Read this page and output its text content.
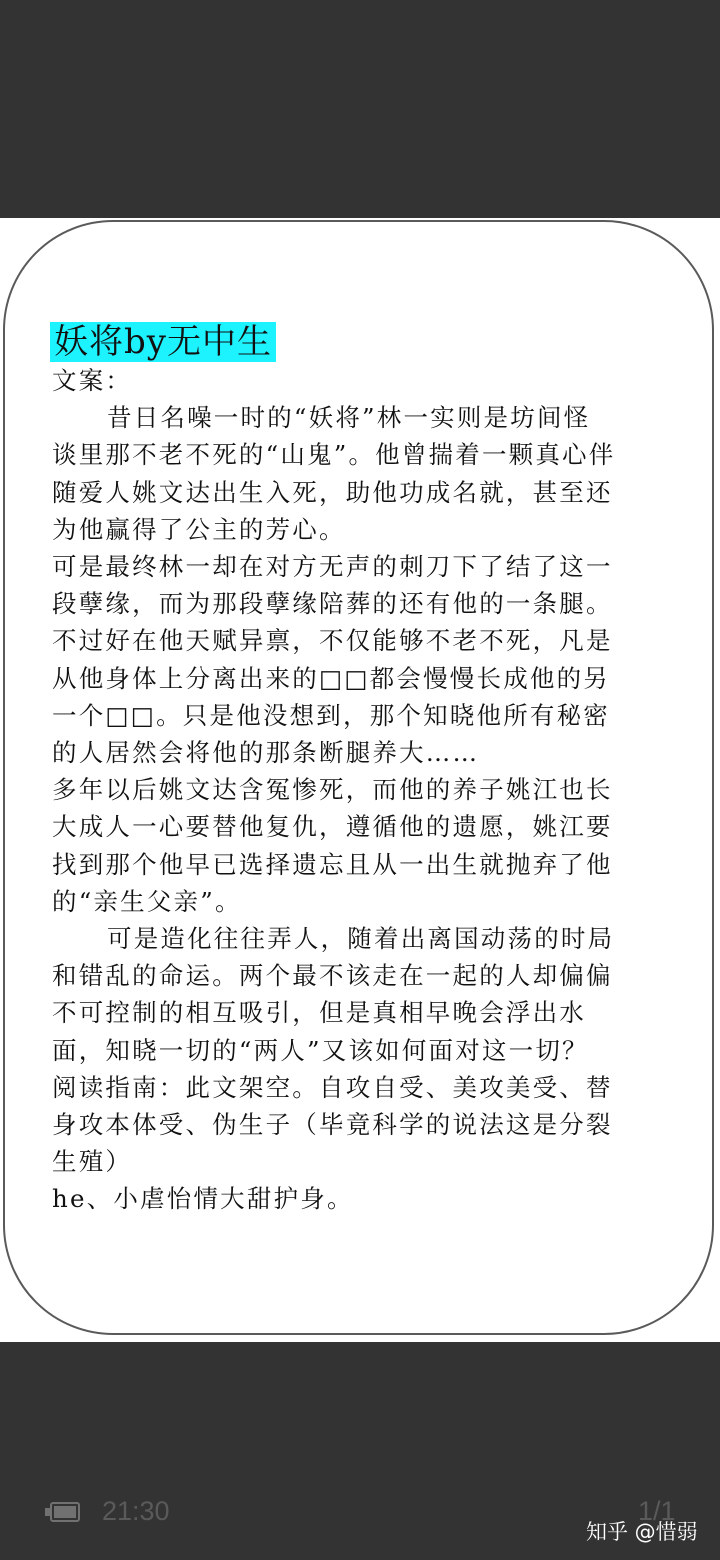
妖将by无中生
文案：
昔日名噪一时的“妖将”林一实则是坊间怪
谈里那不老不死的“山鬼”。他曾揣着一颗真心伴
随爱人姚文达出生入死，助他功成名就，甚至还
为他赢得了公主的芳心。
可是最终林一却在对方无声的刺刀下了结了这一
段孽缘，而为那段孽缘陪葬的还有他的一条腿。
不过好在他天赋异禀，不仅能够不老不死，凡是
从他身体上分离出来的□□都会慢慢长成他的另
一个□□。只是他没想到，那个知晓他所有秘密
的人居然会将他的那条断腿养大……
多年以后姚文达含冤惨死，而他的养子姚江也长
大成人一心要替他复仇，遵循他的遗愿，姚江要
找到那个他早已选择遗忘且从一出生就抛弃了他
的“亲生父亲”。
可是造化往往弄人，随着出离国动荡的时局
和错乱的命运。两个最不该走在一起的人却偏偏
不可控制的相互吸引，但是真相早晚会浮出水
面，知晓一切的“两人”又该如何面对这一切？
阅读指南：此文架空。自攻自受、美攻美受、替
身攻本体受、伪生子（毕竟科学的说法这是分裂
生殖）
he、小虐怡情大甜护身。
21:30	1/1
知乎 @惜弱
